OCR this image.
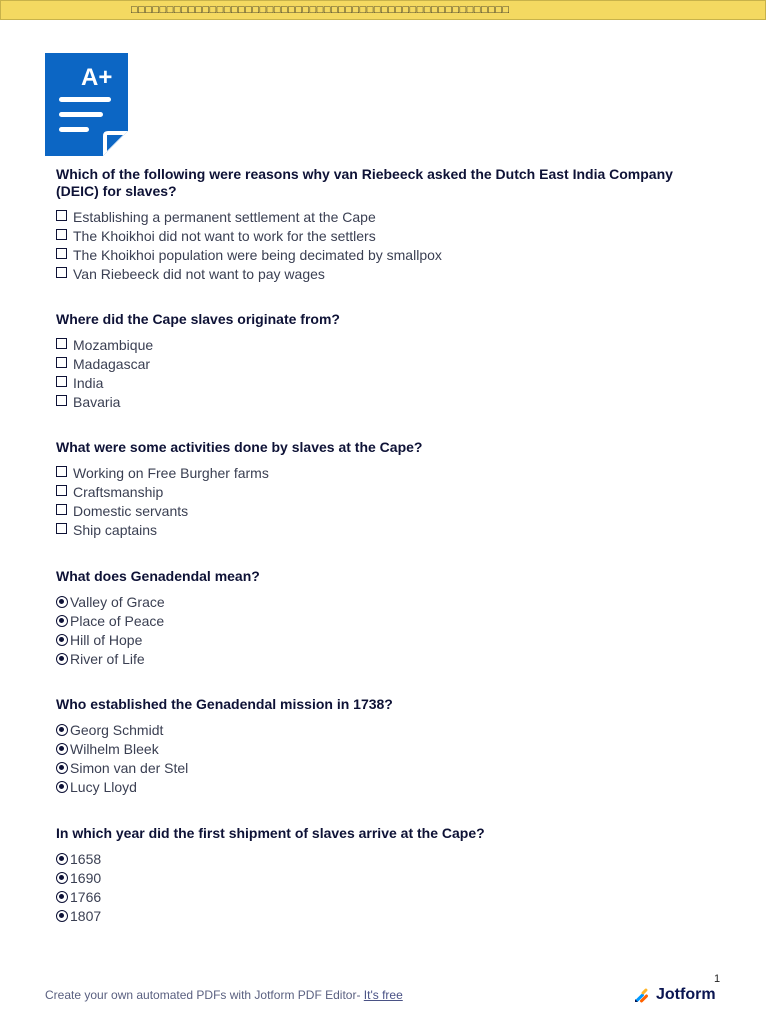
□□□□□□□□□□□□□□□□□□□□□□□□□□□□□□□□□□□□□□□□□□□□□□□□□□□□□
A+

Which of the following were reasons why van Riebeeck asked the Dutch East India Company (DEIC) for slaves?

Establishing a permanent settlement at the Cape
The Khoikhoi did not want to work for the settlers
The Khoikhoi population were being decimated by smallpox
Van Riebeeck did not want to pay wages

Where did the Cape slaves originate from?

Mozambique
Madagascar
India
Bavaria

What were some activities done by slaves at the Cape?

Working on Free Burgher farms
Craftsmanship
Domestic servants
Ship captains

What does Genadendal mean?

Valley of Grace
Place of Peace
Hill of Hope
River of Life

Who established the Genadendal mission in 1738?

Georg Schmidt
Wilhelm Bleek
Simon van der Stel
Lucy Lloyd

In which year did the first shipment of slaves arrive at the Cape?

1658
1690
1766
1807
1
Create your own automated PDFs with Jotform PDF Editor- It's free	Jotform
